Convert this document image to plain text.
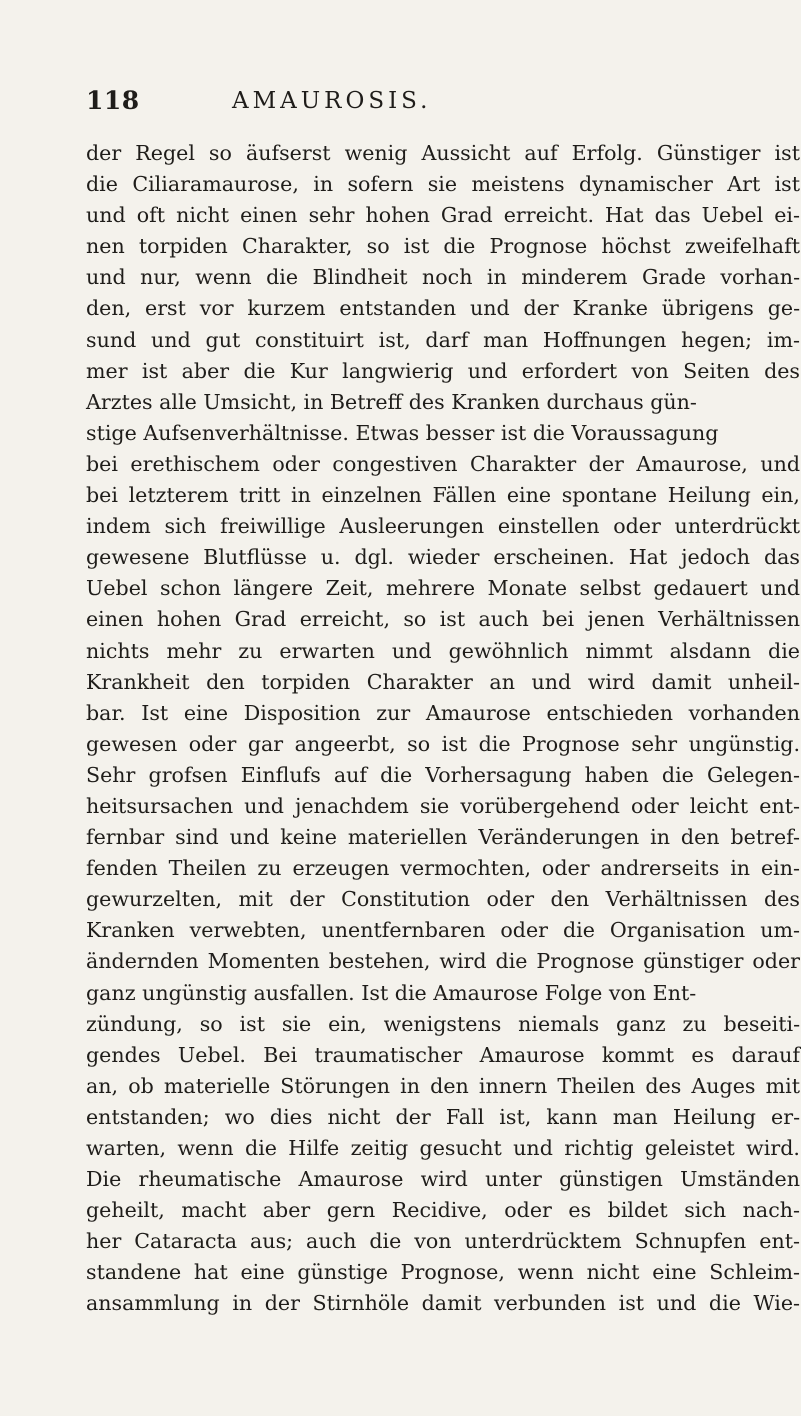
118	AMAUROSIS.
der Regel so äufserst wenig Aussicht auf Erfolg. Günstiger ist
die Ciliaramaurose, in sofern sie meistens dynamischer Art ist
und oft nicht einen sehr hohen Grad erreicht. Hat das Uebel ei-
nen torpiden Charakter, so ist die Prognose höchst zweifelhaft
und nur, wenn die Blindheit noch in minderem Grade vorhan-
den, erst vor kurzem entstanden und der Kranke übrigens ge-
sund und gut constituirt ist, darf man Hoffnungen hegen; im-
mer ist aber die Kur langwierig und erfordert von Seiten des
Arztes alle Umsicht, in Betreff des Kranken durchaus gün-
stige Aufsenverhältnisse. Etwas besser ist die Voraussagung
bei erethischem oder congestiven Charakter der Amaurose, und
bei letzterem tritt in einzelnen Fällen eine spontane Heilung ein,
indem sich freiwillige Ausleerungen einstellen oder unterdrückt
gewesene Blutflüsse u. dgl. wieder erscheinen. Hat jedoch das
Uebel schon längere Zeit, mehrere Monate selbst gedauert und
einen hohen Grad erreicht, so ist auch bei jenen Verhältnissen
nichts mehr zu erwarten und gewöhnlich nimmt alsdann die
Krankheit den torpiden Charakter an und wird damit unheil-
bar. Ist eine Disposition zur Amaurose entschieden vorhanden
gewesen oder gar angeerbt, so ist die Prognose sehr ungünstig.
Sehr grofsen Einflufs auf die Vorhersagung haben die Gelegen-
heitsursachen und jenachdem sie vorübergehend oder leicht ent-
fernbar sind und keine materiellen Veränderungen in den betref-
fenden Theilen zu erzeugen vermochten, oder andrerseits in ein-
gewurzelten, mit der Constitution oder den Verhältnissen des
Kranken verwebten, unentfernbaren oder die Organisation um-
ändernden Momenten bestehen, wird die Prognose günstiger oder
ganz ungünstig ausfallen. Ist die Amaurose Folge von Ent-
zündung, so ist sie ein, wenigstens niemals ganz zu beseiti-
gendes Uebel. Bei traumatischer Amaurose kommt es darauf
an, ob materielle Störungen in den innern Theilen des Auges mit
entstanden; wo dies nicht der Fall ist, kann man Heilung er-
warten, wenn die Hilfe zeitig gesucht und richtig geleistet wird.
Die rheumatische Amaurose wird unter günstigen Umständen
geheilt, macht aber gern Recidive, oder es bildet sich nach-
her Cataracta aus; auch die von unterdrücktem Schnupfen ent-
standene hat eine günstige Prognose, wenn nicht eine Schleim-
ansammlung in der Stirnhöle damit verbunden ist und die Wie-
